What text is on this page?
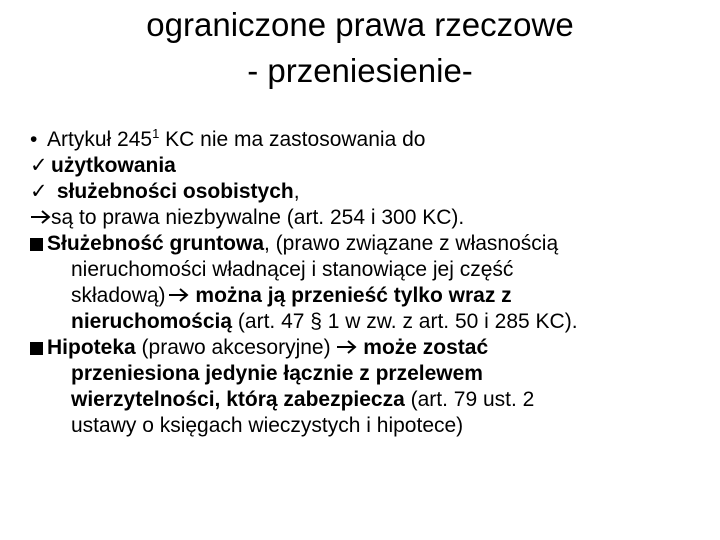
ograniczone prawa rzeczowe
- przeniesienie-
• Artykuł $245^1$ KC nie ma zastosowania do
✓ użytkowania
✓ służebności osobistych,
są to prawa niezbywalne (art. 254 i 300 KC).
Służebność gruntowa, (prawo związane z własnością
nieruchomości władnącej i stanowiące jej część
składową) można ją przenieść tylko wraz z
nieruchomością (art. 47 § 1 w zw. z art. 50 i 285 KC).
Hipoteka (prawo akcesoryjne)  może zostać
przeniesiona jedynie łącznie z przelewem
wierzytelności, którą zabezpiecza (art. 79 ust. 2
ustawy o księgach wieczystych i hipotece)
